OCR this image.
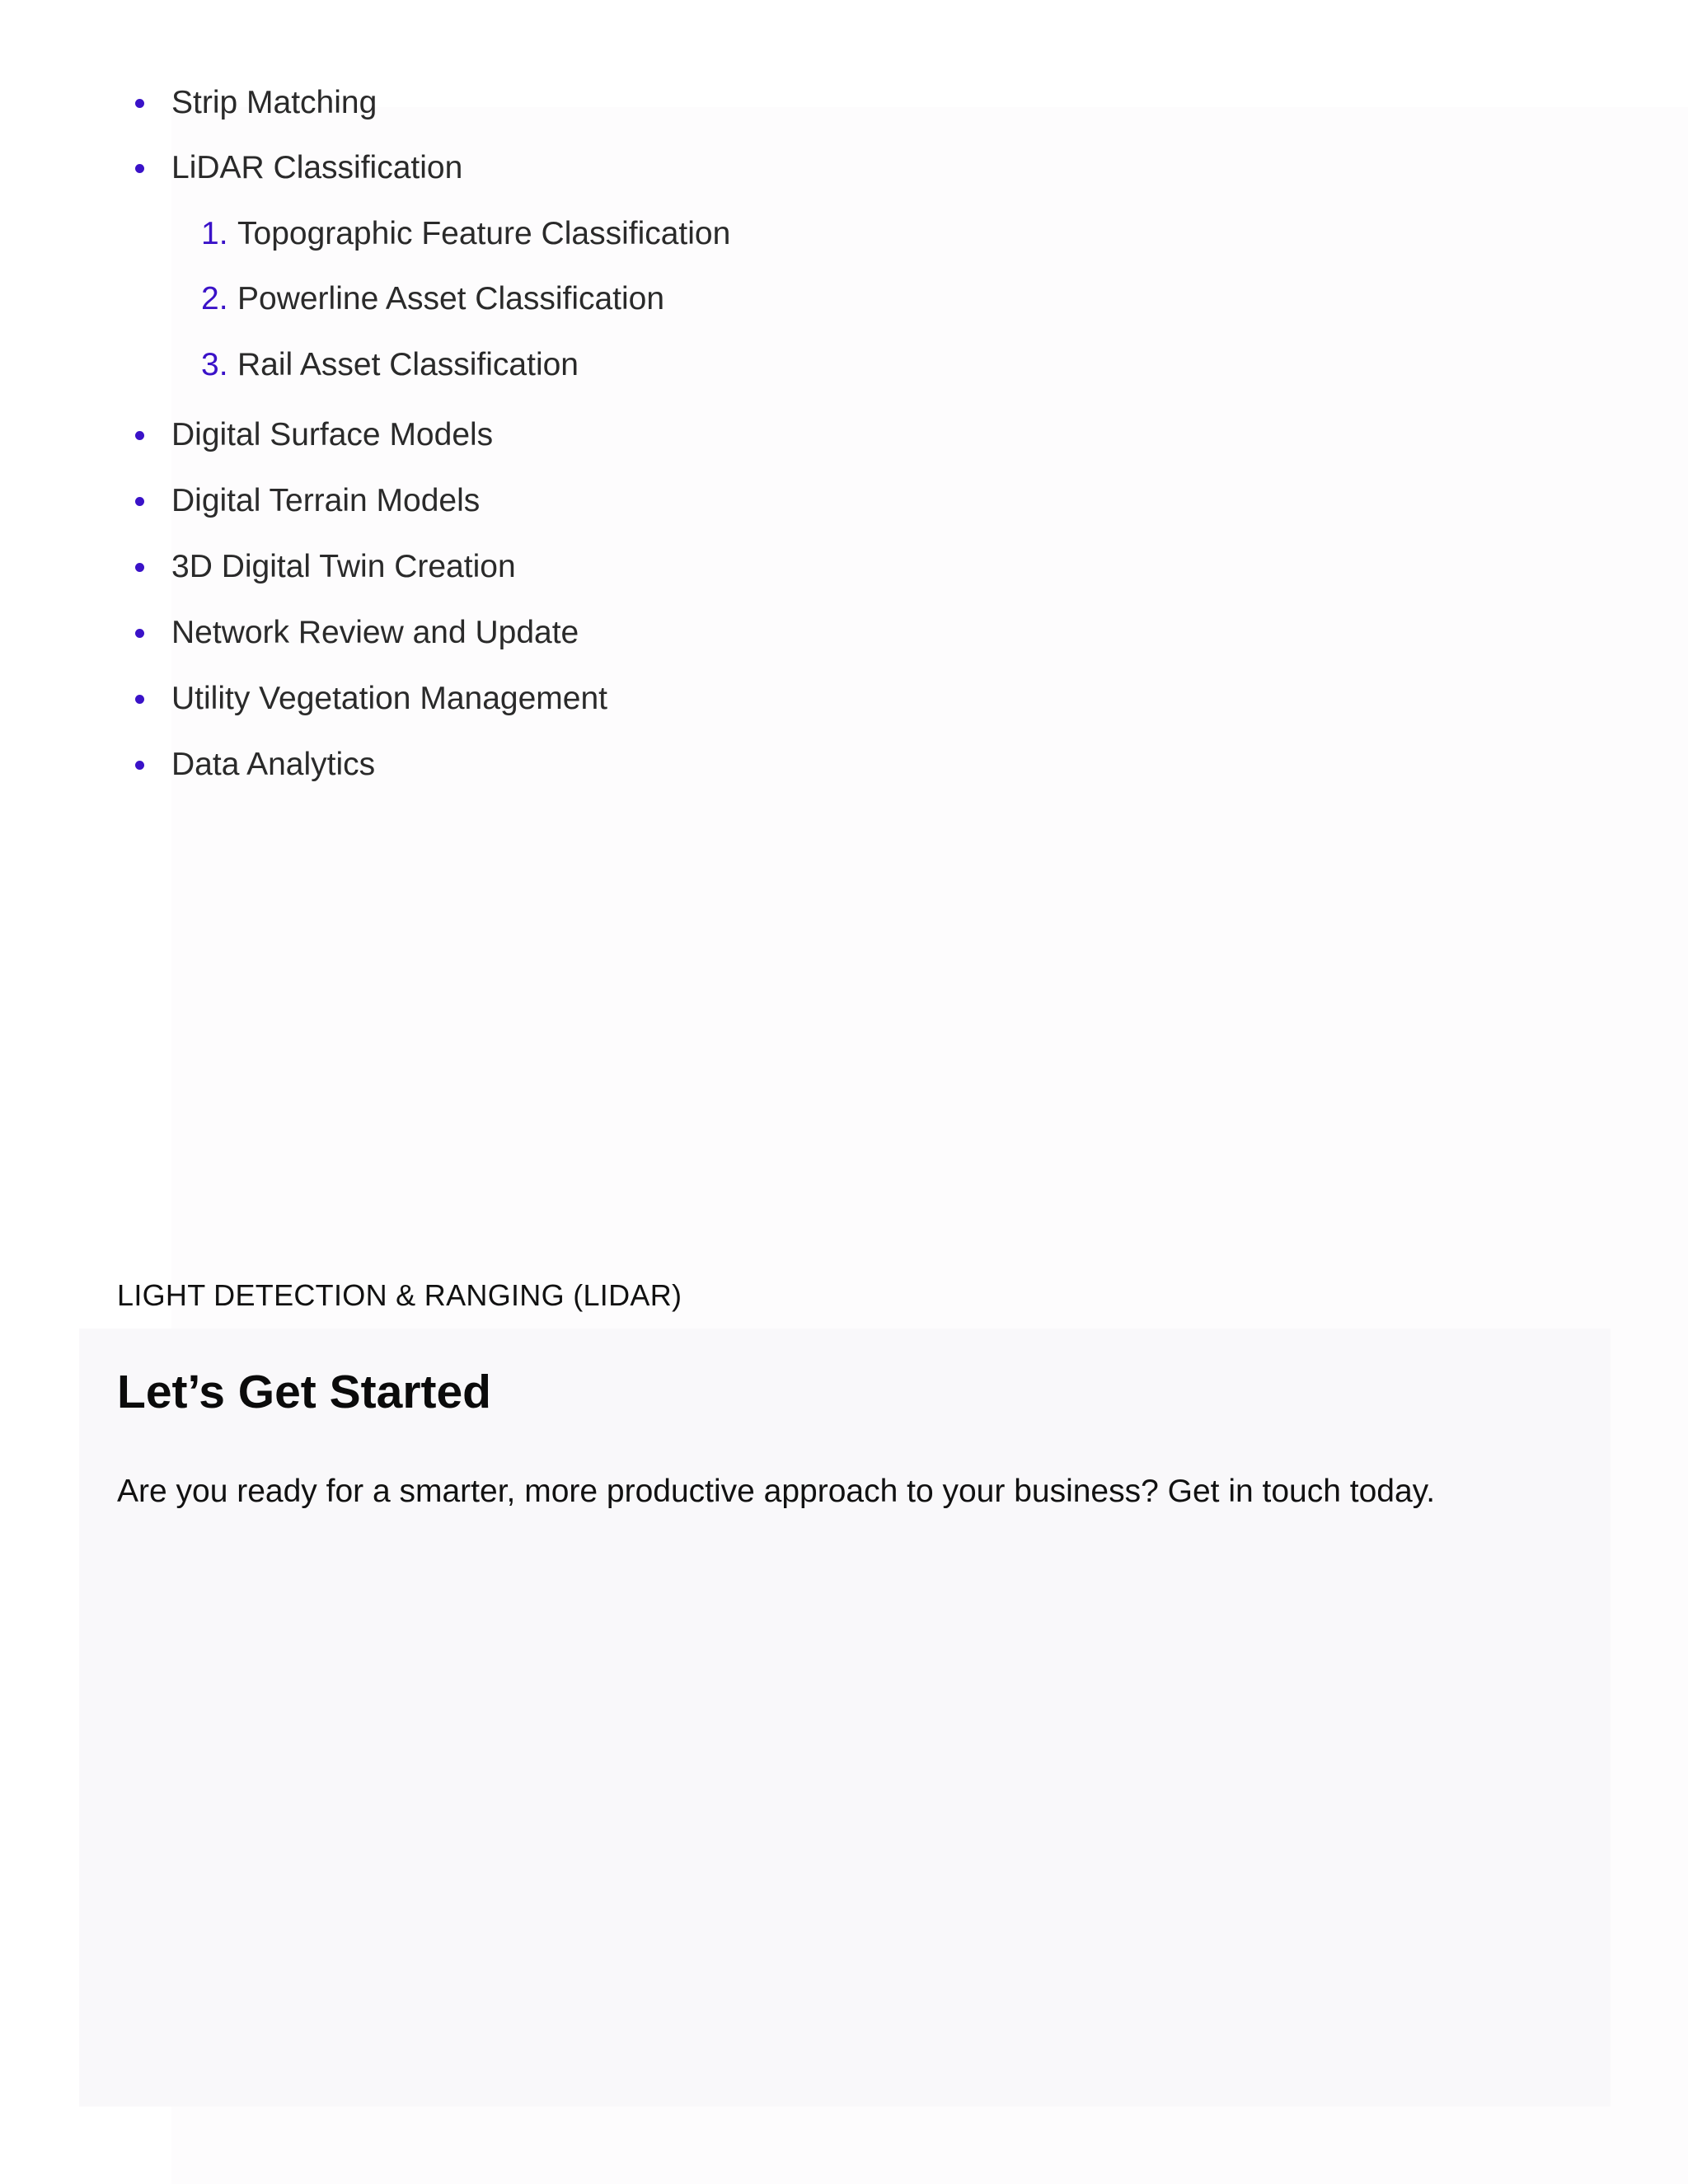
Strip Matching
LiDAR Classification
1. Topographic Feature Classification
2. Powerline Asset Classification
3. Rail Asset Classification
Digital Surface Models
Digital Terrain Models
3D Digital Twin Creation
Network Review and Update
Utility Vegetation Management
Data Analytics
LIGHT DETECTION & RANGING (LIDAR)
Let’s Get Started

Are you ready for a smarter, more productive approach to your business? Get in touch today.
